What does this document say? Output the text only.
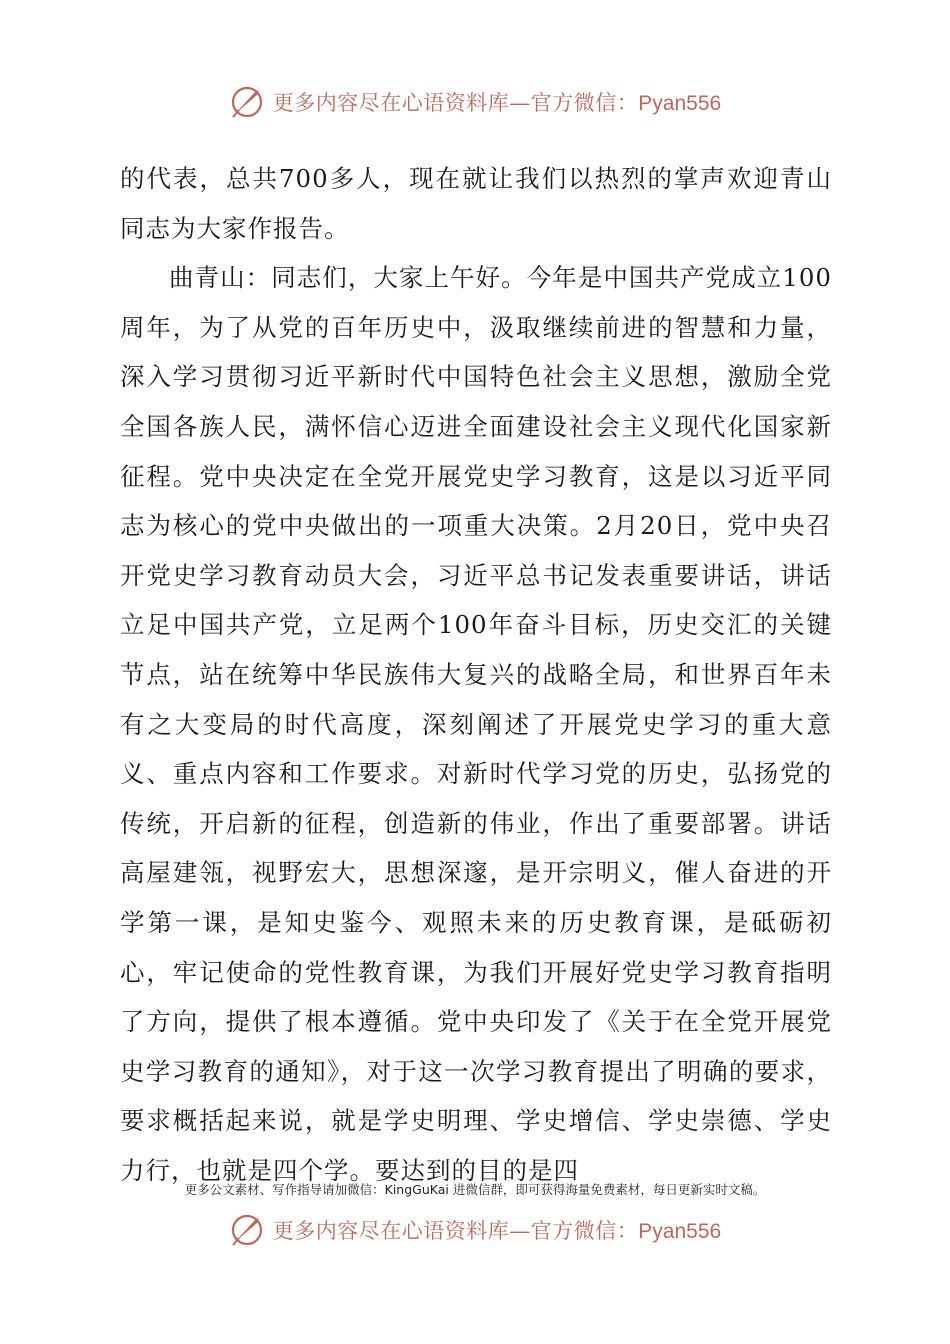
更多内容尽在心语资料库—官方微信：Pyan556

的代表，总共700多人，现在就让我们以热烈的掌声欢迎青山同志为大家作报告。

曲青山：同志们，大家上午好。今年是中国共产党成立100周年，为了从党的百年历史中，汲取继续前进的智慧和力量，深入学习贯彻习近平新时代中国特色社会主义思想，激励全党全国各族人民，满怀信心迈进全面建设社会主义现代化国家新征程。党中央决定在全党开展党史学习教育，这是以习近平同志为核心的党中央做出的一项重大决策。2月20日，党中央召开党史学习教育动员大会，习近平总书记发表重要讲话，讲话立足中国共产党，立足两个100年奋斗目标，历史交汇的关键节点，站在统筹中华民族伟大复兴的战略全局，和世界百年未有之大变局的时代高度，深刻阐述了开展党史学习的重大意义、重点内容和工作要求。对新时代学习党的历史，弘扬党的传统，开启新的征程，创造新的伟业，作出了重要部署。讲话高屋建瓴，视野宏大，思想深邃，是开宗明义，催人奋进的开学第一课，是知史鉴今、观照未来的历史教育课，是砥砺初心，牢记使命的党性教育课，为我们开展好党史学习教育指明了方向，提供了根本遵循。党中央印发了《关于在全党开展党史学习教育的通知》，对于这一次学习教育提出了明确的要求，要求概括起来说，就是学史明理、学史增信、学史崇德、学史力行，也就是四个学。要达到的目的是四

更多公文素材、写作指导请加微信：KingGuKai 进微信群，即可获得海量免费素材，每日更新实时文稿。
更多内容尽在心语资料库—官方微信：Pyan556
